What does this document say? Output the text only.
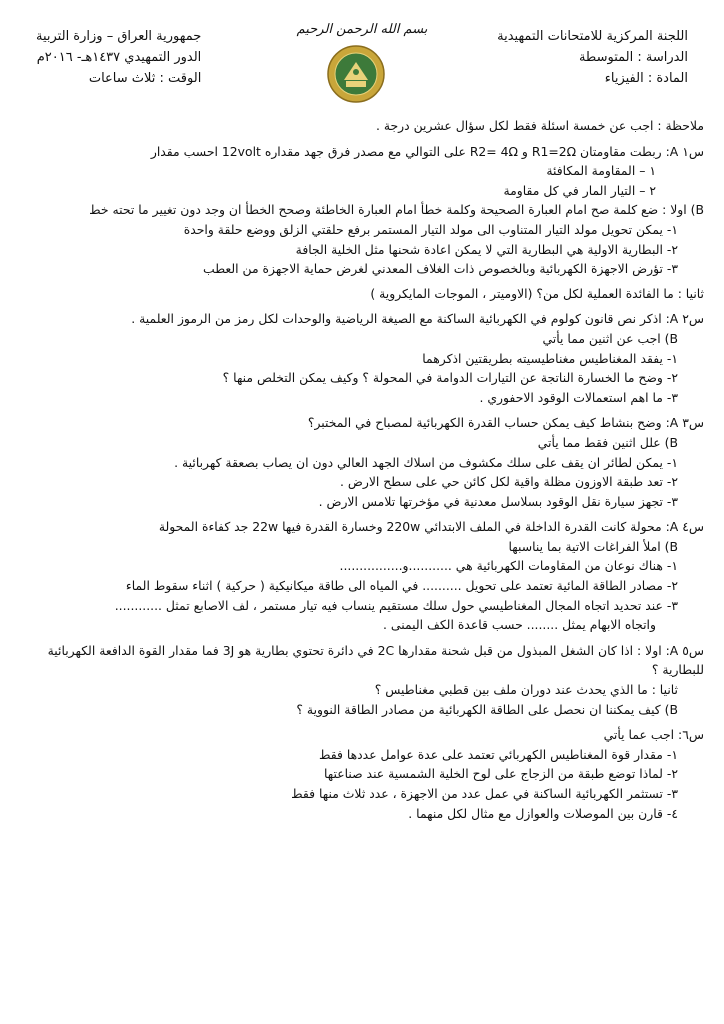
اللجنة المركزية للامتحانات التمهيدية
الدراسة : المتوسطة
المادة : الفيزياء
بسم الله الرحمن الرحيم
جمهورية العراق – وزارة التربية
الدور التمهيدي ١٤٣٧هـ- ٢٠١٦م
الوقت : ثلاث ساعات
ملاحظة : اجب عن خمسة اسئلة فقط لكل سؤال عشرين درجة .
س١ A: ربطت مقاومتان R1=2Ω و R2= 4Ω على التوالي مع مصدر فرق جهد مقداره 12volt احسب مقدار
١ – المقاومة المكافئة
٢ – التيار المار في كل مقاومة
B) اولا : ضع كلمة صح امام العبارة الصحيحة وكلمة خطأ امام العبارة الخاطئة وصحح الخطأ ان وجد دون تغيير ما تحته خط
١- يمكن تحويل مولد التيار المتناوب الى مولد التيار المستمر برفع حلقتي الزلق ووضع حلقة واحدة
٢- البطارية الاولية هي البطارية التي لا يمكن اعادة شحنها مثل الخلية الجافة
٣- تؤرض الاجهزة الكهربائية وبالخصوص ذات الغلاف المعدني لغرض حماية الاجهزة من العطب
ثانيا : ما الفائدة العملية لكل من؟ (الاوميتر ، الموجات المايكروية )
س٢ A: اذكر نص قانون كولوم في الكهربائية الساكنة مع الصيغة الرياضية والوحدات لكل رمز من الرموز العلمية .
B) اجب عن اثنين مما يأتي
١- يفقد المغناطيس مغناطيسيته بطريقتين اذكرهما
٢- وضح ما الخسارة الناتجة عن التيارات الدوامة في المحولة ؟ وكيف يمكن التخلص منها ؟
٣- ما اهم استعمالات الوقود الاحفوري .
س٣ A: وضح بنشاط كيف يمكن حساب القدرة الكهربائية لمصباح في المختبر؟
B) علل اثنين فقط مما يأتي
١- يمكن لطائر ان يقف على سلك مكشوف من اسلاك الجهد العالي دون ان يصاب بصعقة كهربائية .
٢- تعد طبقة الاوزون مظلة واقية لكل كائن حي على سطح الارض .
٣- تجهز سيارة نقل الوقود بسلاسل معدنية في مؤخرتها تلامس الارض .
س٤ A: محولة كانت القدرة الداخلة في الملف الابتدائي 220w وخسارة القدرة فيها 22w جد كفاءة المحولة
B) املأ الفراغات الاتية بما يناسبها
١- هناك نوعان من المقاومات الكهربائية هي ...........و................
٢- مصادر الطاقة المائية تعتمد على تحويل .......... في المياه الى طاقة ميكانيكية ( حركية ) اثناء سقوط الماء
٣- عند تحديد اتجاه المجال المغناطيسي حول سلك مستقيم ينساب فيه تيار مستمر ، لف الاصابع تمثل ............
واتجاه الابهام يمثل ........ حسب قاعدة الكف اليمنى .
س٥ A: اولا : اذا كان الشغل المبذول من قبل شحنة مقدارها 2C في دائرة تحتوي بطارية هو 3J فما مقدار القوة الدافعة الكهربائية للبطارية ؟
ثانيا : ما الذي يحدث عند دوران ملف بين قطبي مغناطيس ؟
B) كيف يمكننا ان نحصل على الطاقة الكهربائية من مصادر الطاقة النووية ؟
س٦: اجب عما يأتي
١- مقدار قوة المغناطيس الكهربائي تعتمد على عدة عوامل عددها فقط
٢- لماذا توضع طبقة من الزجاج على لوح الخلية الشمسية عند صناعتها
٣- تستثمر الكهربائية الساكنة في عمل عدد من الاجهزة ، عدد ثلاث منها فقط
٤- قارن بين الموصلات والعوازل مع مثال لكل منهما .
